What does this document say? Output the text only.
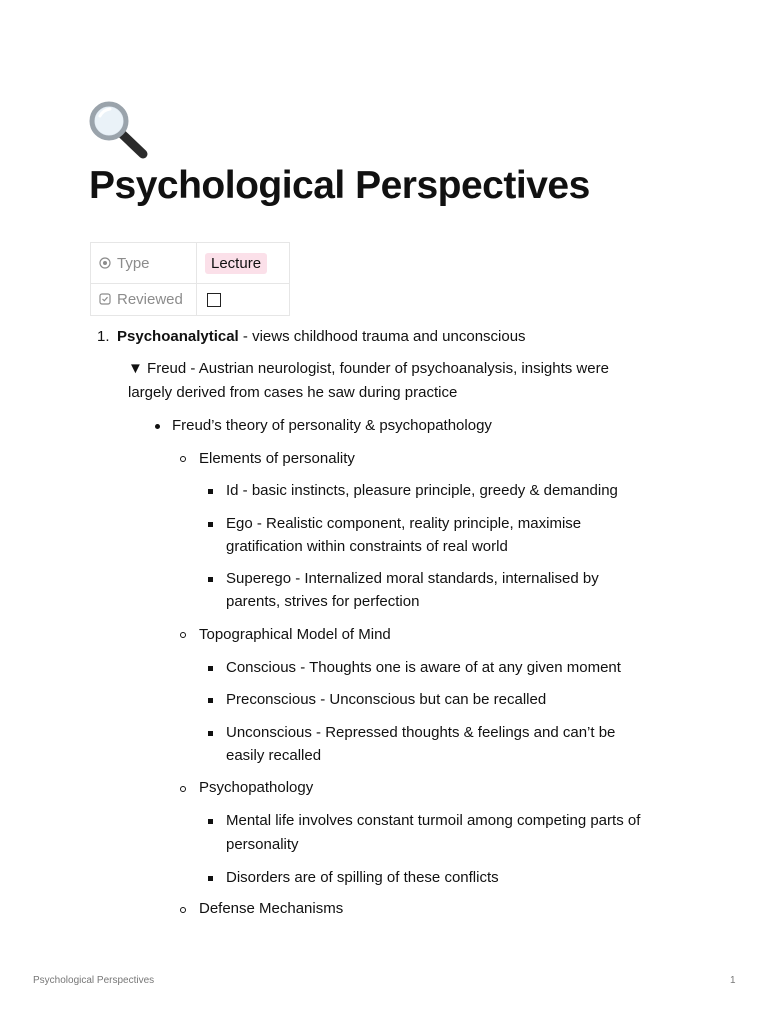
Psychological Perspectives
Type	Lecture
Reviewed	
1. Psychoanalytical - views childhood trauma and unconscious
▼ Freud - Austrian neurologist, founder of psychoanalysis, insights were
largely derived from cases he saw during practice
Freud’s theory of personality & psychopathology
Elements of personality
Id - basic instincts, pleasure principle, greedy & demanding
Ego - Realistic component, reality principle, maximise
gratification within constraints of real world
Superego - Internalized moral standards, internalised by
parents, strives for perfection
Topographical Model of Mind
Conscious - Thoughts one is aware of at any given moment
Preconscious - Unconscious but can be recalled
Unconscious - Repressed thoughts & feelings and can’t be
easily recalled
Psychopathology
Mental life involves constant turmoil among competing parts of
personality
Disorders are of spilling of these conflicts
Defense Mechanisms
Psychological Perspectives	1
